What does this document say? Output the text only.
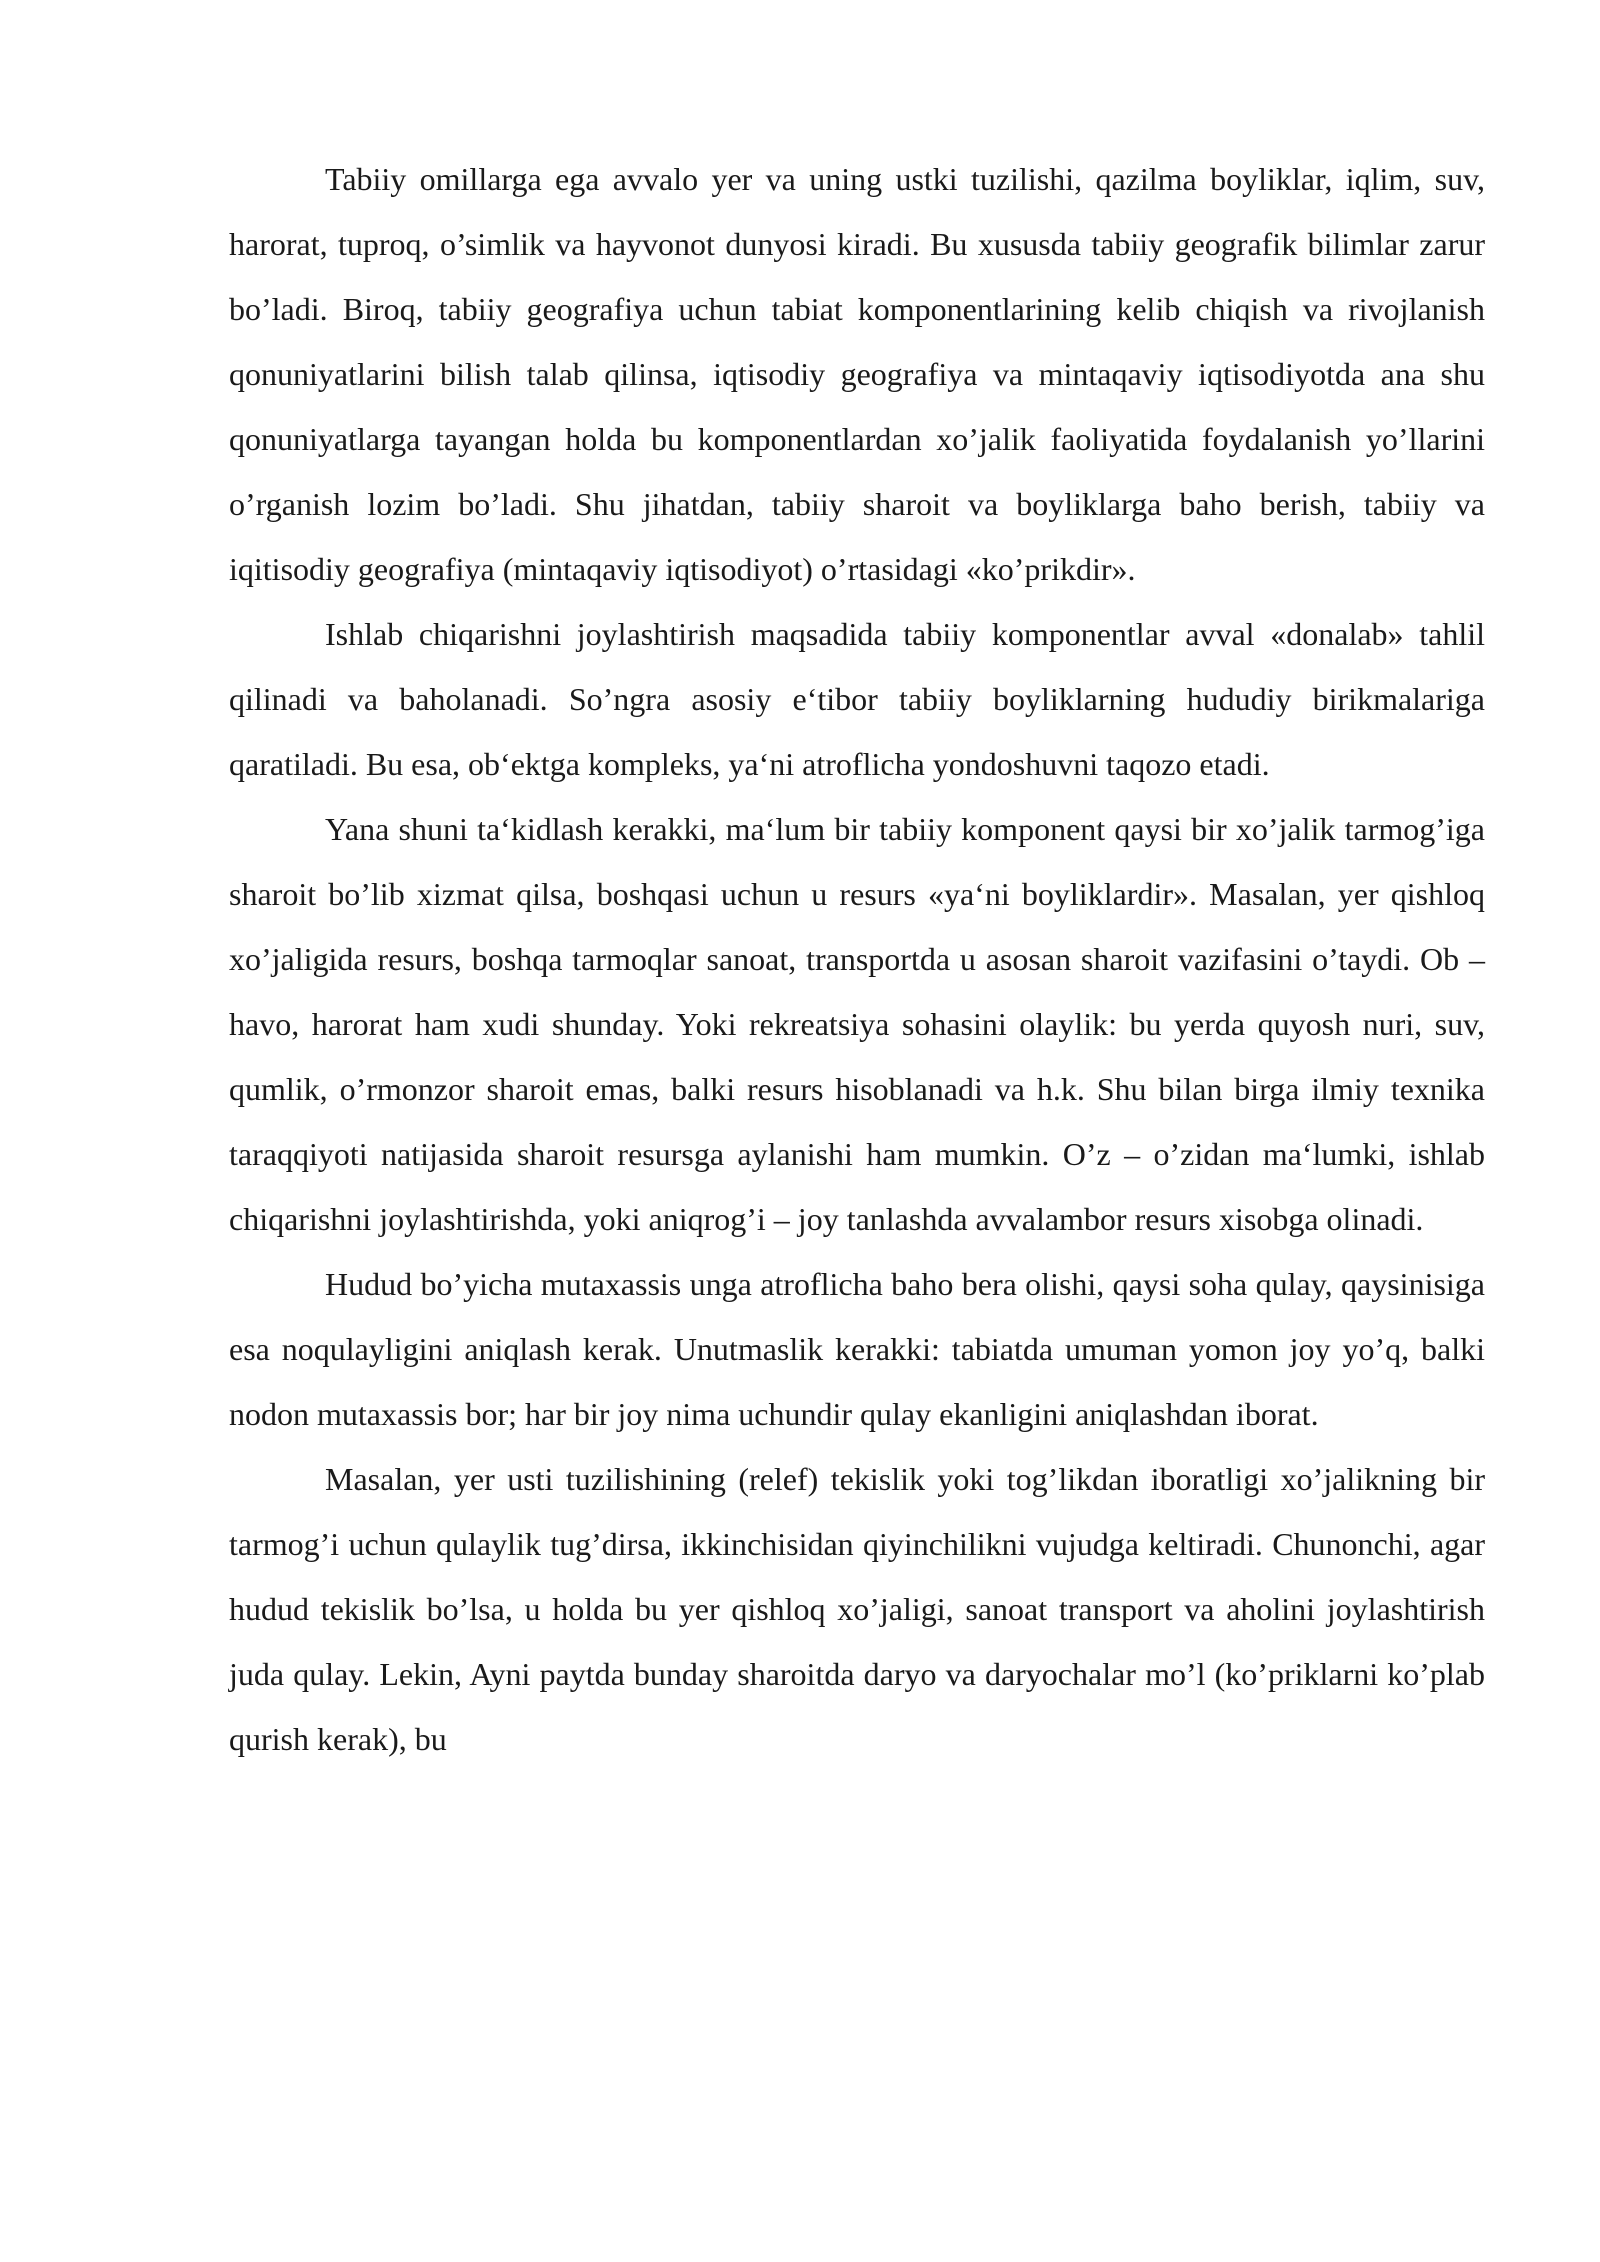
Tabiiy omillarga ega avvalo yer va uning ustki tuzilishi, qazilma boyliklar, iqlim, suv, harorat, tuproq, o’simlik va hayvonot dunyosi kiradi. Bu xususda tabiiy geografik bilimlar zarur bo’ladi. Biroq, tabiiy geografiya uchun tabiat komponentlarining kelib chiqish va rivojlanish qonuniyatlarini bilish talab qilinsa, iqtisodiy geografiya va mintaqaviy iqtisodiyotda ana shu qonuniyatlarga tayangan holda bu komponentlardan xo’jalik faoliyatida foydalanish yo’llarini o’rganish lozim bo’ladi. Shu jihatdan, tabiiy sharoit va boyliklarga baho berish, tabiiy va iqitisodiy geografiya (mintaqaviy iqtisodiyot) o’rtasidagi «ko’prikdir».

Ishlab chiqarishni joylashtirish maqsadida tabiiy komponentlar avval «donalab» tahlil qilinadi va baholanadi. So’ngra asosiy e‘tibor tabiiy boyliklarning hududiy birikmalariga qaratiladi. Bu esa, ob‘ektga kompleks, ya‘ni atroflicha yondoshuvni taqozo etadi.

Yana shuni ta‘kidlash kerakki, ma‘lum bir tabiiy komponent qaysi bir xo’jalik tarmog’iga sharoit bo’lib xizmat qilsa, boshqasi uchun u resurs «ya‘ni boyliklardir». Masalan, yer qishloq xo’jaligida resurs, boshqa tarmoqlar sanoat, transportda u asosan sharoit vazifasini o’taydi. Ob – havo, harorat ham xudi shunday. Yoki rekreatsiya sohasini olaylik: bu yerda quyosh nuri, suv, qumlik, o’rmonzor sharoit emas, balki resurs hisoblanadi va h.k. Shu bilan birga ilmiy texnika taraqqiyoti natijasida sharoit resursga aylanishi ham mumkin. O’z – o’zidan ma‘lumki, ishlab chiqarishni joylashtirishda, yoki aniqrog’i – joy tanlashda avvalambor resurs xisobga olinadi.

Hudud bo’yicha mutaxassis unga atroflicha baho bera olishi, qaysi soha qulay, qaysinisiga esa noqulayligini aniqlash kerak. Unutmaslik kerakki: tabiatda umuman yomon joy yo’q, balki nodon mutaxassis bor; har bir joy nima uchundir qulay ekanligini aniqlashdan iborat.

Masalan, yer usti tuzilishining (relef) tekislik yoki tog’likdan iboratligi xo’jalikning bir tarmog’i uchun qulaylik tug’dirsa, ikkinchisidan qiyinchilikni vujudga keltiradi. Chunonchi, agar hudud tekislik bo’lsa, u holda bu yer qishloq xo’jaligi, sanoat transport va aholini joylashtirish juda qulay. Lekin, Ayni paytda bunday sharoitda daryo va daryochalar mo’l (ko’priklarni ko’plab qurish kerak), bu
